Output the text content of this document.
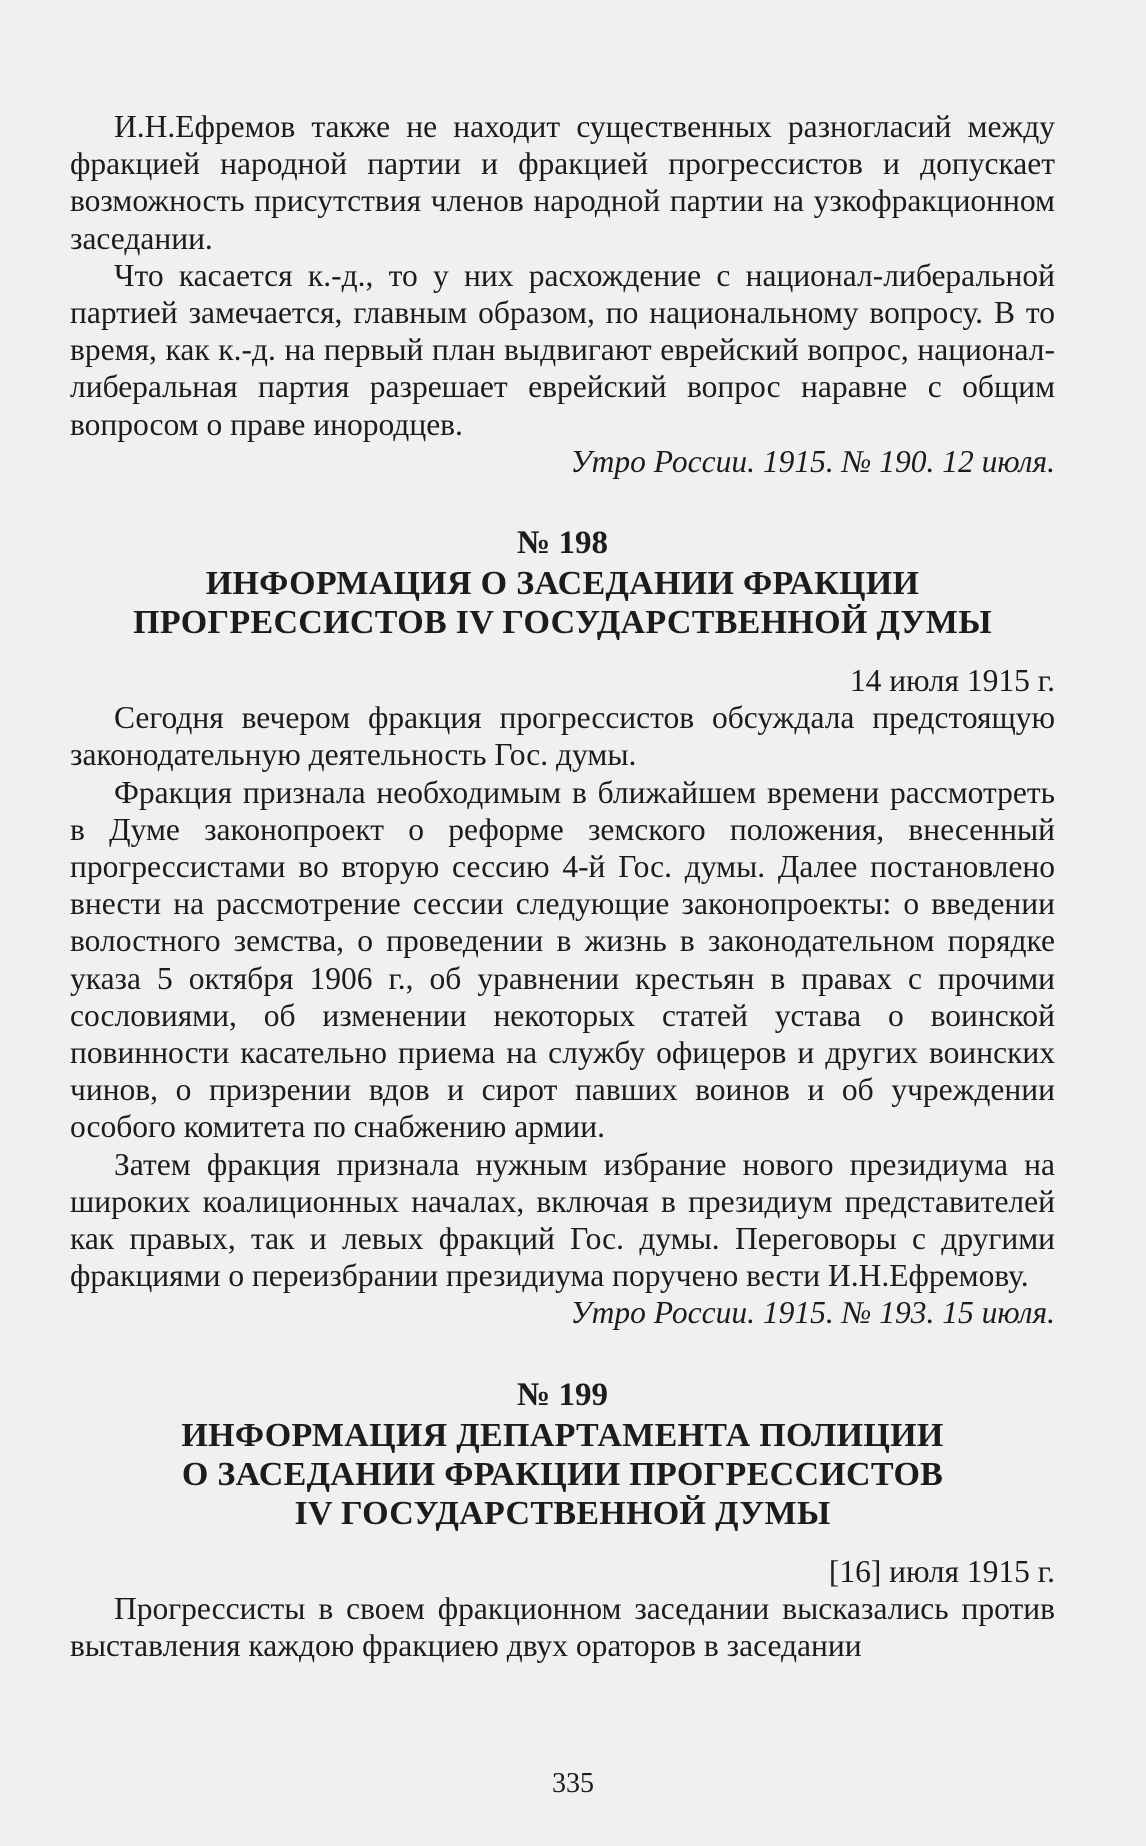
И.Н.Ефремов также не находит существенных разногласий между фракцией народной партии и фракцией прогрессистов и допускает возможность присутствия членов народной партии на узкофракционном заседании.

Что касается к.-д., то у них расхождение с национал-либеральной партией замечается, главным образом, по национальному вопросу. В то время, как к.-д. на первый план выдвигают еврейский вопрос, национал-либеральная партия разрешает еврейский вопрос наравне с общим вопросом о праве инородцев.

Утро России. 1915. № 190. 12 июля.

№ 198

ИНФОРМАЦИЯ О ЗАСЕДАНИИ ФРАКЦИИ
ПРОГРЕССИСТОВ IV ГОСУДАРСТВЕННОЙ ДУМЫ

14 июля 1915 г.

Сегодня вечером фракция прогрессистов обсуждала предстоящую законодательную деятельность Гос. думы.

Фракция признала необходимым в ближайшем времени рассмотреть в Думе законопроект о реформе земского положения, внесенный прогрессистами во вторую сессию 4-й Гос. думы. Далее постановлено внести на рассмотрение сессии следующие законопроекты: о введении волостного земства, о проведении в жизнь в законодательном порядке указа 5 октября 1906 г., об уравнении крестьян в правах с прочими сословиями, об изменении некоторых статей устава о воинской повинности касательно приема на службу офицеров и других воинских чинов, о призрении вдов и сирот павших воинов и об учреждении особого комитета по снабжению армии.

Затем фракция признала нужным избрание нового президиума на широких коалиционных началах, включая в президиум представителей как правых, так и левых фракций Гос. думы. Переговоры с другими фракциями о переизбрании президиума поручено вести И.Н.Ефремову.

Утро России. 1915. № 193. 15 июля.

№ 199

ИНФОРМАЦИЯ ДЕПАРТАМЕНТА ПОЛИЦИИ
О ЗАСЕДАНИИ ФРАКЦИИ ПРОГРЕССИСТОВ
IV ГОСУДАРСТВЕННОЙ ДУМЫ

[16] июля 1915 г.

Прогрессисты в своем фракционном заседании высказались против выставления каждою фракциею двух ораторов в заседании

335
